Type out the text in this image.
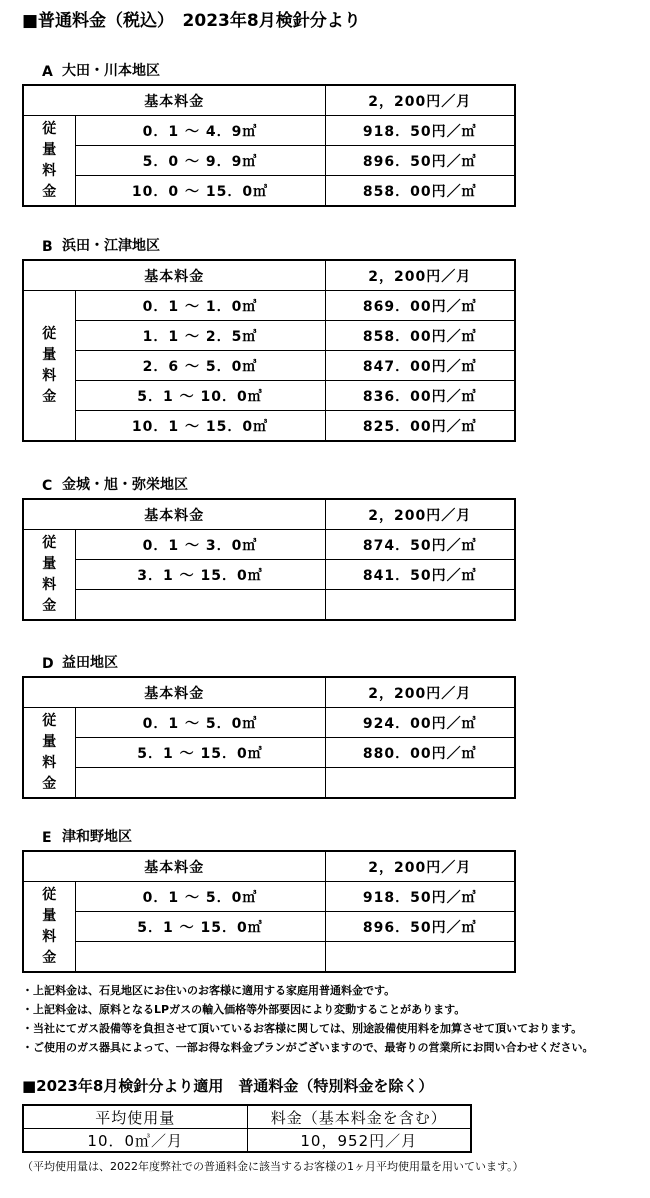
■普通料金（税込）　2023年8月検針分より
A 大田・川本地区
基本料金		2，200円／月

従
量
料
金	0．1 ～ 4．9㎥	918．50円／㎥
	5．0 ～ 9．9㎥	896．50円／㎥
	10．0 ～ 15．0㎥	858．00円／㎥
B 浜田・江津地区
基本料金		2，200円／月

従
量
料
金	0．1 ～ 1．0㎥	869．00円／㎥
	1．1 ～ 2．5㎥	858．00円／㎥
	2．6 ～ 5．0㎥	847．00円／㎥
	5．1 ～ 10．0㎥	836．00円／㎥
	10．1 ～ 15．0㎥	825．00円／㎥
C 金城・旭・弥栄地区
基本料金		2，200円／月

従
量
料
金	0．1 ～ 3．0㎥	874．50円／㎥
	3．1 ～ 15．0㎥	841．50円／㎥

D 益田地区
基本料金		2，200円／月

従
量
料
金	0．1 ～ 5．0㎥	924．00円／㎥
	5．1 ～ 15．0㎥	880．00円／㎥

E 津和野地区
基本料金		2，200円／月

従
量
料
金	0．1 ～ 5．0㎥	918．50円／㎥
	5．1 ～ 15．0㎥	896．50円／㎥

・上記料金は、石見地区にお住いのお客様に適用する家庭用普通料金です。
・上記料金は、原料となるLPガスの輸入価格等外部要因により変動することがあります。
・当社にてガス設備等を負担させて頂いているお客様に関しては、別途設備使用料を加算させて頂いております。
・ご使用のガス器具によって、一部お得な料金プランがございますので、最寄りの営業所にお問い合わせください。
■2023年8月検針分より適用　普通料金（特別料金を除く）
平均使用量	料金（基本料金を含む）
10．0㎥／月	10，952円／月
（平均使用量は、2022年度弊社での普通料金に該当するお客様の1ヶ月平均使用量を用いています。）
